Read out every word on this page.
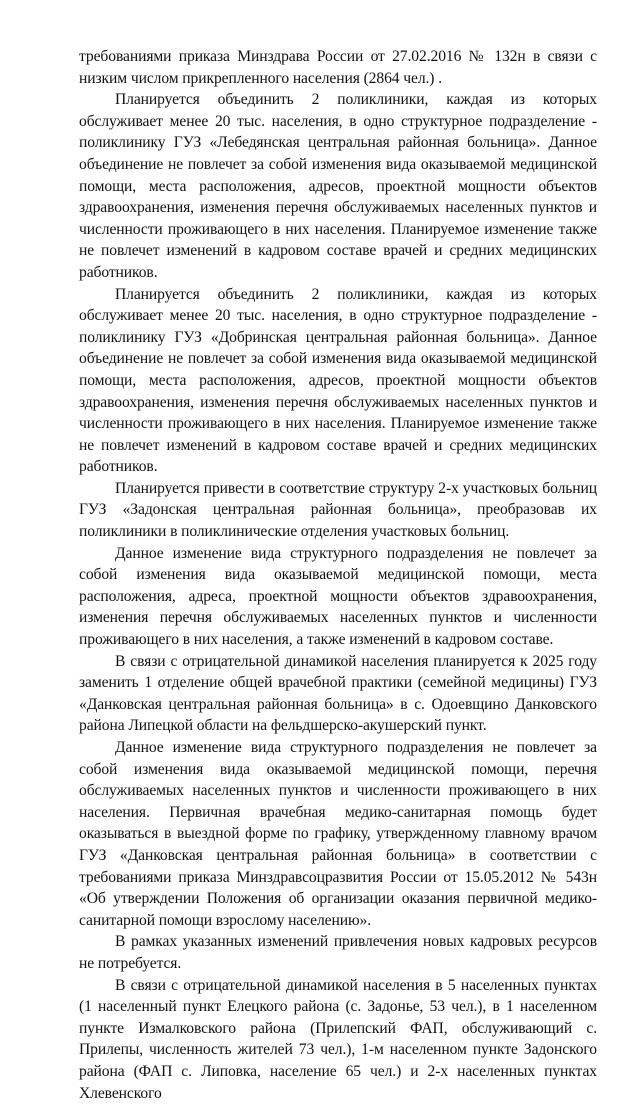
требованиями приказа Минздрава России от 27.02.2016 № 132н в связи с низким числом прикрепленного населения (2864 чел.) .

Планируется объединить 2 поликлиники, каждая из которых обслуживает менее 20 тыс. населения, в одно структурное подразделение - поликлинику ГУЗ «Лебедянская центральная районная больница». Данное объединение не повлечет за собой изменения вида оказываемой медицинской помощи, места расположения, адресов, проектной мощности объектов здравоохранения, изменения перечня обслуживаемых населенных пунктов и численности проживающего в них населения. Планируемое изменение также не повлечет изменений в кадровом составе врачей и средних медицинских работников.

Планируется объединить 2 поликлиники, каждая из которых обслуживает менее 20 тыс. населения, в одно структурное подразделение - поликлинику ГУЗ «Добринская центральная районная больница». Данное объединение не повлечет за собой изменения вида оказываемой медицинской помощи, места расположения, адресов, проектной мощности объектов здравоохранения, изменения перечня обслуживаемых населенных пунктов и численности проживающего в них населения. Планируемое изменение также не повлечет изменений в кадровом составе врачей и средних медицинских работников.

Планируется привести в соответствие структуру 2-х участковых больниц ГУЗ «Задонская центральная районная больница», преобразовав их поликлиники в поликлинические отделения участковых больниц.

Данное изменение вида структурного подразделения не повлечет за собой изменения вида оказываемой медицинской помощи, места расположения, адреса, проектной мощности объектов здравоохранения, изменения перечня обслуживаемых населенных пунктов и численности проживающего в них населения, а также изменений в кадровом составе.

В связи с отрицательной динамикой населения планируется к 2025 году заменить 1 отделение общей врачебной практики (семейной медицины) ГУЗ «Данковская центральная районная больница» в с. Одоевщино Данковского района Липецкой области на фельдшерско-акушерский пункт.

Данное изменение вида структурного подразделения не повлечет за собой изменения вида оказываемой медицинской помощи, перечня обслуживаемых населенных пунктов и численности проживающего в них населения. Первичная врачебная медико-санитарная помощь будет оказываться в выездной форме по графику, утвержденному главному врачом ГУЗ «Данковская центральная районная больница» в соответствии с требованиями приказа Минздравсоцразвития России от 15.05.2012 № 543н «Об утверждении Положения об организации оказания первичной медико-санитарной помощи взрослому населению».

В рамках указанных изменений привлечения новых кадровых ресурсов не потребуется.

В связи с отрицательной динамикой населения в 5 населенных пунктах (1 населенный пункт Елецкого района (с. Задонье, 53 чел.), в 1 населенном пункте Измалковского района (Прилепский ФАП, обслуживающий с. Прилепы, численность жителей 73 чел.), 1-м населенном пункте Задонского района (ФАП с. Липовка, население 65 чел.) и 2-х населенных пунктах Хлевенского
